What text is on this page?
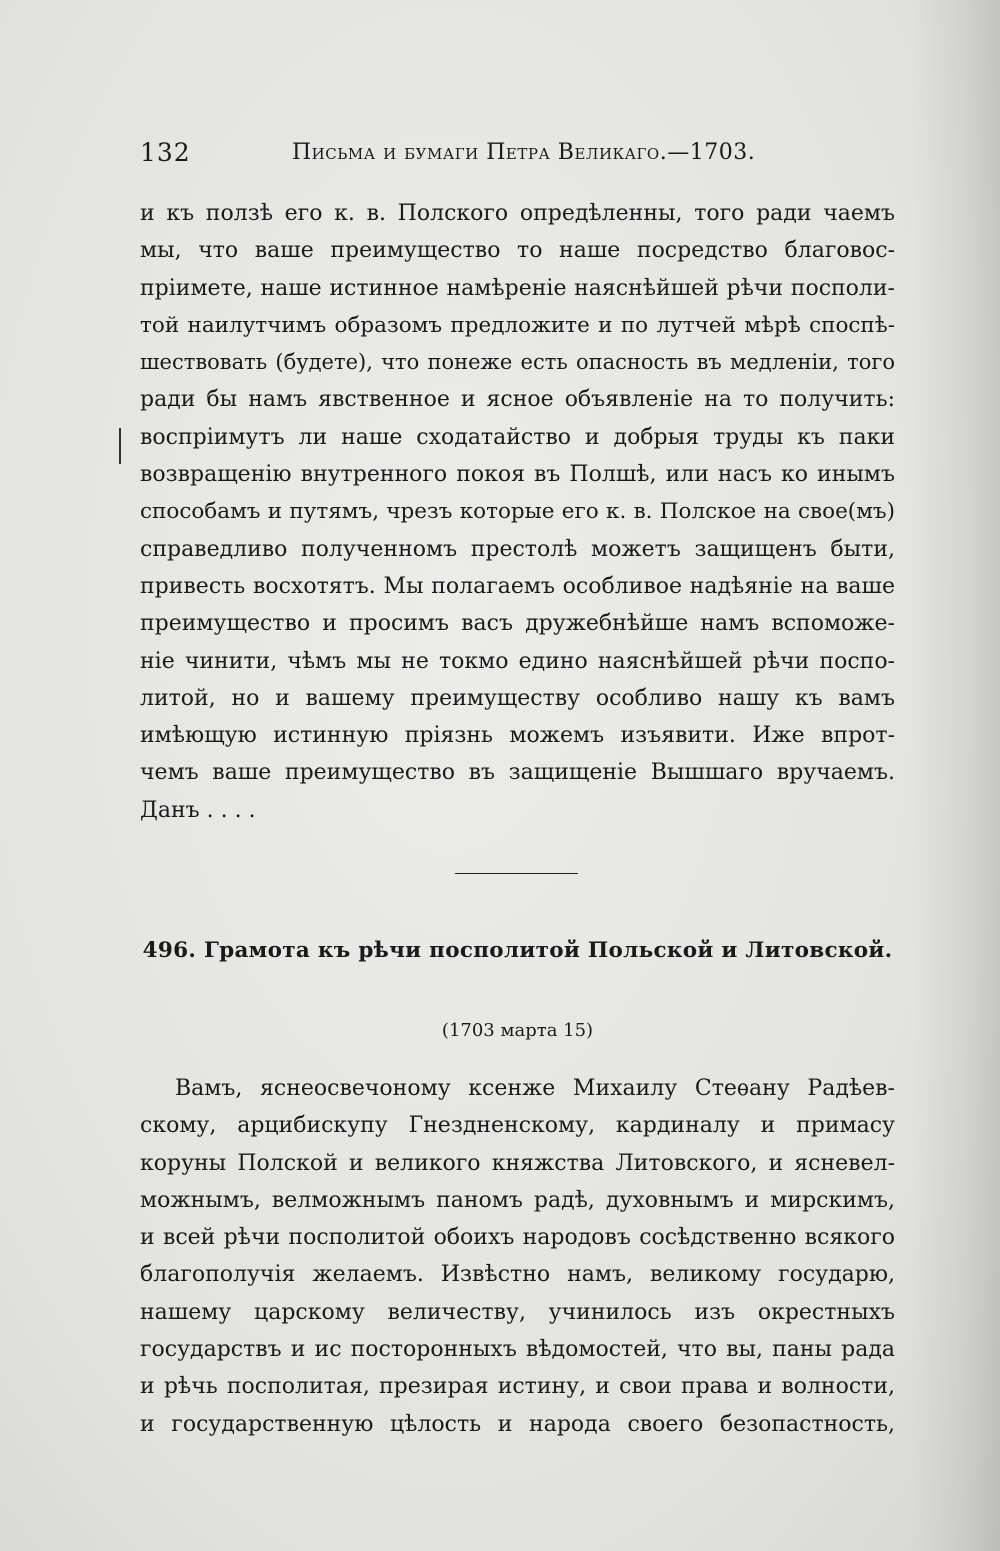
132	Письма и бумаги Петра Великаго.—1703.
и къ ползѣ его к. в. Полского опредѣленны, того ради чаемъ
мы, что ваше преимущество то наше посредство благовос-
пріимете, наше истинное намѣреніе наяснѣйшей рѣчи посполи-
той наилутчимъ образомъ предложите и по лутчей мѣрѣ споспѣ-
шествовать (будете), что понеже есть опасность въ медленіи, того
ради бы намъ явственное и ясное объявленіе на то получить:
воспріимутъ ли наше сходатайство и добрыя труды къ паки
возвращенію внутренного покоя въ Полшѣ, или насъ ко инымъ
способамъ и путямъ, чрезъ которые его к. в. Полское на свое(мъ)
справедливо полученномъ престолѣ можетъ защищенъ быти,
привесть восхотятъ. Мы полагаемъ особливое надѣяніе на ваше
преимущество и просимъ васъ дружебнѣйше намъ вспоможе-
ніе чинити, чѣмъ мы не токмо едино наяснѣйшей рѣчи поспо-
литой, но и вашему преимуществу особливо нашу къ вамъ
имѣющую истинную пріязнь можемъ изъявити. Иже впрот-
чемъ ваше преимущество въ защищеніе Вышшаго вручаемъ.
Данъ . . . .
496. Грамота къ рѣчи посполитой Польской и Литовской.
(1703 марта 15)
Вамъ, яснеосвечоному ксенже Михаилу Стеѳану Радѣев-
скому, арцибискупу Гнездненскому, кардиналу и примасу
коруны Полской и великого княжства Литовского, и ясневел-
можнымъ, велможнымъ паномъ радѣ, духовнымъ и мирскимъ,
и всей рѣчи посполитой обоихъ народовъ сосѣдственно всякого
благополучія желаемъ. Извѣстно намъ, великому государю,
нашему царскому величеству, учинилось изъ окрестныхъ
государствъ и ис посторонныхъ вѣдомостей, что вы, паны рада
и рѣчь посполитая, презирая истину, и свои права и волности,
и государственную цѣлость и народа своего безопастность,
